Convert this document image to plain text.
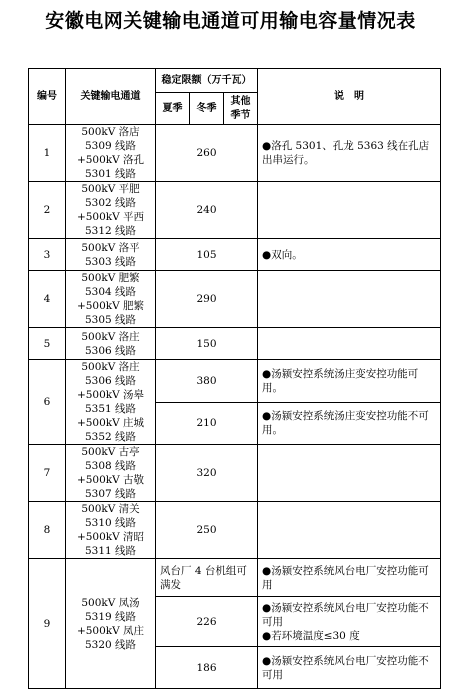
安徽电网关键输电通道可用输电容量情况表
编号	关键输电通道	稳定限额（万千瓦）			说　明
		夏季	冬季	其他季节	
1	500kV 洛店 5309 线路+500kV 洛孔 5301 线路	260			●洛孔 5301、孔龙 5363 线在孔店出串运行。
2	500kV 平肥 5302 线路+500kV 平西 5312 线路	240			
3	500kV 洛平 5303 线路	105			●双向。
4	500kV 肥繁 5304 线路+500kV 肥繁 5305 线路	290			
5	500kV 洛庄 5306 线路	150			
6	500kV 洛庄 5306 线路+500kV 汤皋 5351 线路 +500kV 庄城 5352 线路	380			●汤颍安控系统汤庄变安控功能可用。
		210			●汤颍安控系统汤庄变安控功能不可用。
7	500kV 古亭 5308 线路+500kV 古敬 5307 线路	320			
8	500kV 清关 5310 线路+500kV 清昭 5311 线路	250			
9	500kV 凤汤 5319 线路+500kV 凤庄 5320 线路	风台厂 4 台机组可满发			●汤颍安控系统风台电厂安控功能可用
		226			●汤颍安控系统风台电厂安控功能不可用
●若环境温度≤30 度

		186			●汤颍安控系统风台电厂安控功能不可用
